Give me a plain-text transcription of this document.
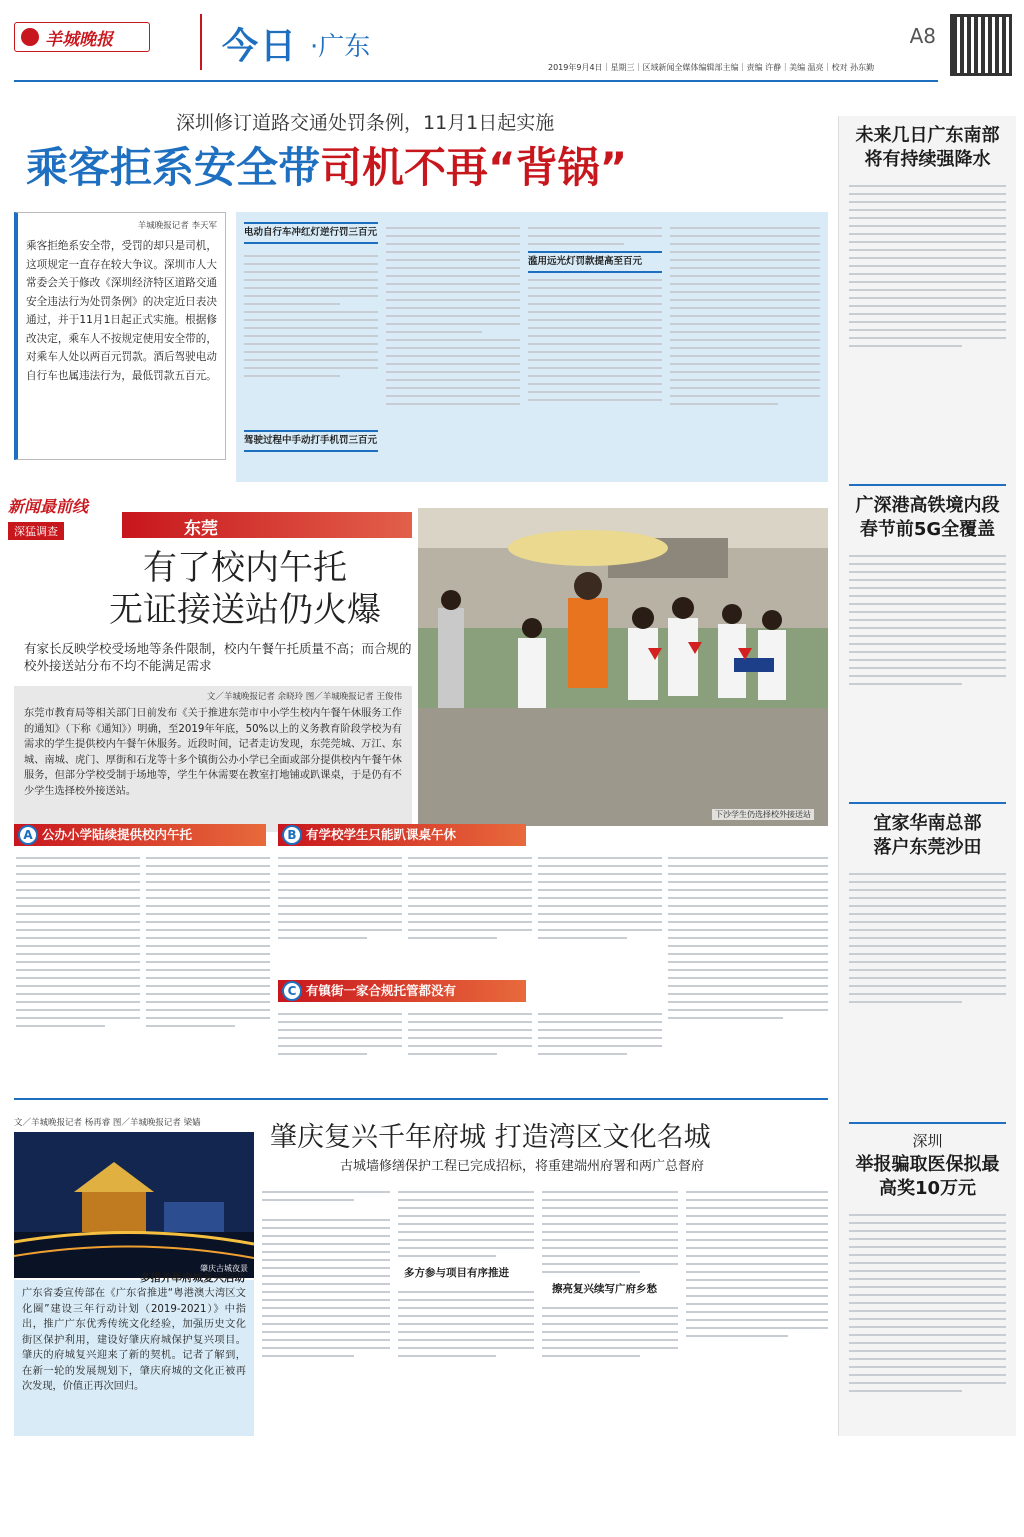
羊城晚报	今日 ·广东	A8
2019年9月4日｜星期三｜区域新闻全媒体编辑部主编｜责编 许静｜美编 温亮｜校对 孙东勤
深圳修订道路交通处罚条例，11月1日起实施
乘客拒系安全带司机不再“背锅”
羊城晚报记者 李天军
乘客拒绝系安全带，受罚的却只是司机，这项规定一直存在较大争议。深圳市人大常委会关于修改《深圳经济特区道路交通安全违法行为处罚条例》的决定近日表决通过，并于11月1日起正式实施。根据修改决定，乘车人不按规定使用安全带的，对乘车人处以两百元罚款。酒后驾驶电动自行车也属违法行为，最低罚款五百元。
电动自行车冲红灯逆行罚三百元
驾驶过程中手动打手机罚三百元
滥用远光灯罚款提高至百元
未来几日广东南部将有持续强降水
广深港高铁境内段春节前5G全覆盖
宜家华南总部落户东莞沙田
深圳
举报骗取医保拟最高奖10万元
新闻最前线
深猛调查	东莞
有了校内午托
无证接送站仍火爆
有家长反映学校受场地等条件限制，校内午餐午托质量不高；而合规的校外接送站分布不均不能满足需求
下沙学生仍选择校外接送站
文／羊城晚报记者 余晓玲 图／羊城晚报记者 王俊伟
东莞市教育局等相关部门日前发布《关于推进东莞市中小学生校内午餐午休服务工作的通知》（下称《通知》）明确，至2019年年底，50%以上的义务教育阶段学校为有需求的学生提供校内午餐午休服务。近段时间，记者走访发现，东莞莞城、万江、东城、南城、虎门、厚街和石龙等十多个镇街公办小学已全面或部分提供校内午餐午休服务，但部分学校受制于场地等，学生午休需要在教室打地铺或趴课桌，于是仍有不少学生选择校外接送站。
A 公办小学陆续提供校内午托	B 有学校学生只能趴课桌午休
C 有镇街一家合规托管都没有
文／羊城晚报记者 杨再睿 图／羊城晚报记者 梁嫱
肇庆古城夜景
广东省委宣传部在《广东省推进“粤港澳大湾区文化圈”建设三年行动计划（2019-2021）》中指出，推广广东优秀传统文化经验，加强历史文化街区保护利用，建设好肇庆府城保护复兴项目。肇庆的府城复兴迎来了新的契机。记者了解到，在新一轮的发展规划下，肇庆府城的文化正被再次发现，价值正再次回归。
肇庆复兴千年府城 打造湾区文化名城
古城墙修缮保护工程已完成招标，将重建端州府署和两广总督府
多措并举府城复兴启动	多方参与项目有序推进
擦亮复兴续写广府乡愁
